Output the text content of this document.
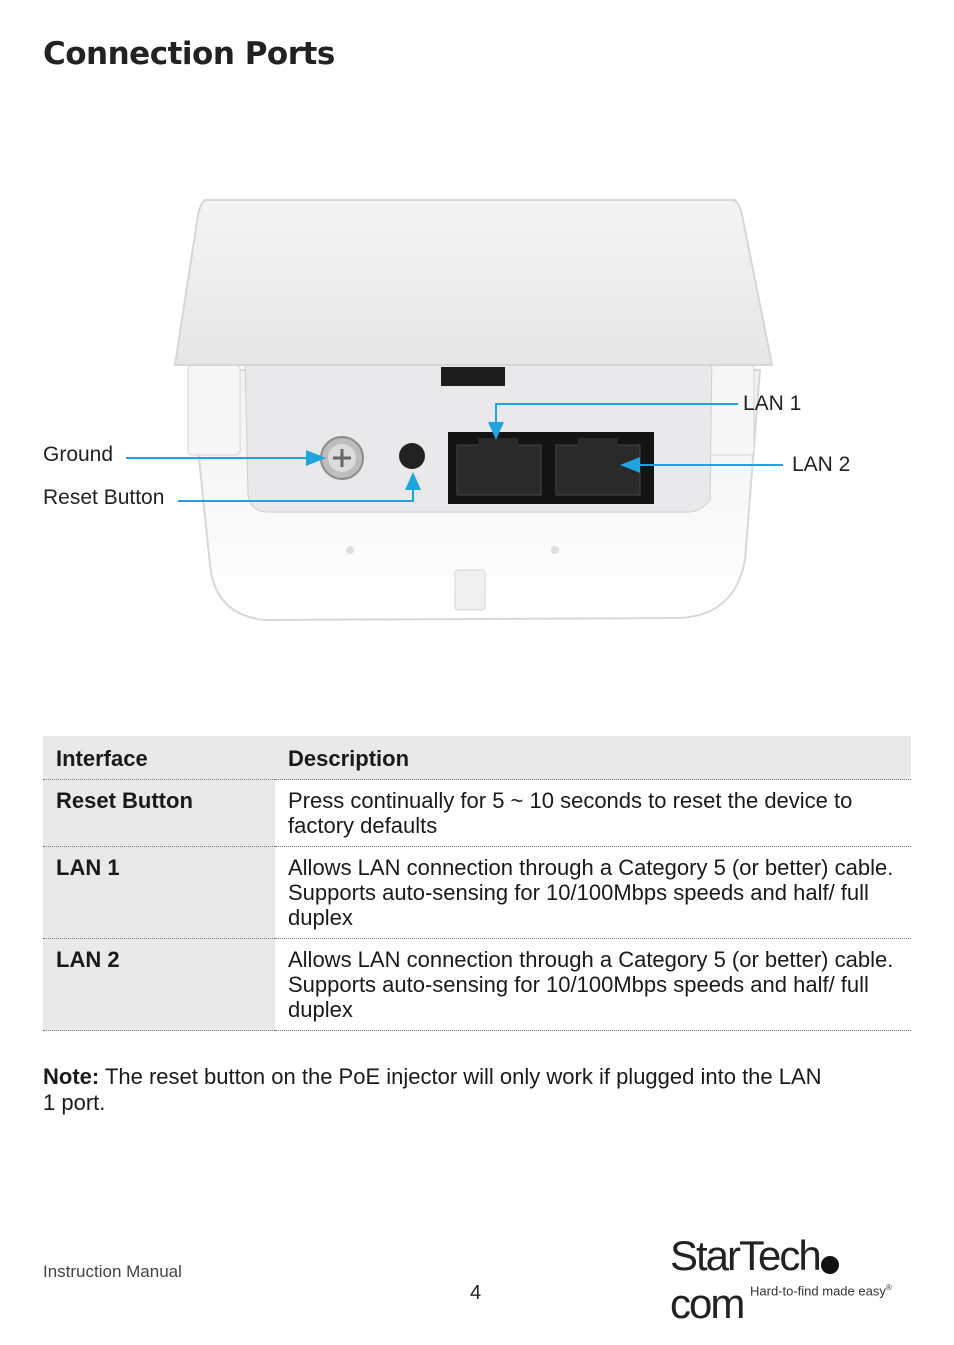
Connection Ports
Ground
Reset Button
LAN 1
LAN 2
Interface	Description
Reset Button	Press continually for 5 ~ 10 seconds to reset the device to factory defaults
LAN 1	Allows LAN connection through a Category 5 (or better) cable. Supports auto-sensing for 10/100Mbps speeds and half/ full duplex
LAN 2	Allows LAN connection through a Category 5 (or better) cable. Supports auto-sensing for 10/100Mbps speeds and half/ full duplex
Note: The reset button on the PoE injector will only work if plugged into the LAN 1 port.
Instruction Manual
4
StarTechcom Hard-to-find made easy®
